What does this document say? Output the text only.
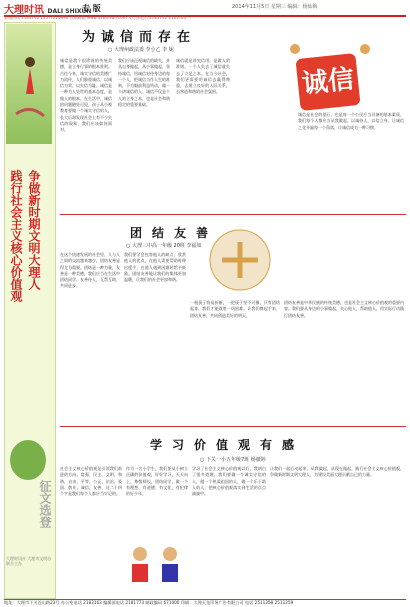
大理时讯 DALI SHIXUN
专 版	2014年11月5日 星期三 编辑：杨仙梅
新闻热线 2181740 13577226990 投稿邮箱 www.daishixun.com 发行部电话 2181742 2181743
践行社会主义核心价值观 争做新时期文明大理人
征文选登
大理时讯社 大理市文明办 联合主办
为诚信而存在
○ 大理州政法委 李小乙 李 妮
诚信是我个很珍视的传统美德，是立身行事的根本准则。古往今来，诚实守信的美德广为流传，人们敬重诚信，以诚信为荣，以失信为耻。诚信是一种为人处世的基本态度，是做人的根本。在生活中，诚信的问题随处可见，孩子从小被教育要做一个诚实守信的人，长大后却发现社会上有不少失信的现象，我们应该如何面对。
我们应该正视诚信的缺失，并从自身做起，从小事做起，坚持诚信，用诚信对待身边的每一个人，把诚信当作人生的准则，不为眼前利益所动，做一个讲诚信的人。诚信不仅是个人的立身之本，也是社会和谐稳定的重要基础。
诚信就是讲究信用，是做人的准则。一个人失去了诚信就失去了立足之本。在当今社会，我们更需要用诚信去赢得尊重，去建立良好的人际关系，去营造和谐的社会氛围。
诚信是社会的基石，也是每一个公民应当具备的基本素质。我们每个人都应当从我做起，以诚待人，以信立身，让诚信之花开遍每一个角落，让诚信成为一种习惯。
诚信
团结友善
○ 大理三中高一年级 20班 李福如
在这个快速发展的社会里，人与人之间的交流越来越少，团结友善显得尤为重要。团结是一种力量，友善是一种美德，我们应当在生活中团结同学、友善待人，互帮互助，共同进步。
我们要学会包容他人的缺点，欣赏他人的优点，在他人需要帮助时伸出援手，在他人遇到困难时给予鼓励。团结友善能让我们的集体更加温暖，让我们的社会更加和谐。
一根筷子容易折断，一把筷子坚不可摧。只有团结起来，我们才能战胜一切困难。让我们携起手来，团结友善，共同创造美好的明天。
团结友善是中华民族的传统美德，也是社会主义核心价值观的重要内容。我们要从身边的小事做起，关心他人，帮助他人，用实际行动践行团结友善。
学习价值观有感
○ 下关一小五年级7班 杨薇婷
社会主义核心价值观是引领我们前进的方向。富强、民主、文明、和谐，自由、平等、公正、法治，爱国、敬业、诚信、友善，这二十四个字是我们每个人都应当牢记的。
作为一名小学生，我们要从小树立正确的价值观，好好学习，天天向上，尊敬师长，团结同学，做一个有理想、有道德、有文化、有纪律的好少年。
学习了社会主义核心价值观以后，我明白了很多道理。我们要做一个诚实守信的人，做一个热爱祖国的人，做一个乐于助人的人，把核心价值观落实到生活的点点滴滴中。
让我们一起行动起来，从我做起，从现在做起，践行社会主义核心价值观，争做新时期文明大理人，为建设美丽大理贡献自己的力量。
地址：大理市下关苍山路23号 办公室电话 2183163 编辑部电话 2181773 邮政编码 671000 印刷：大理天龙印务广告有限公司 电话 2511258 2511259
